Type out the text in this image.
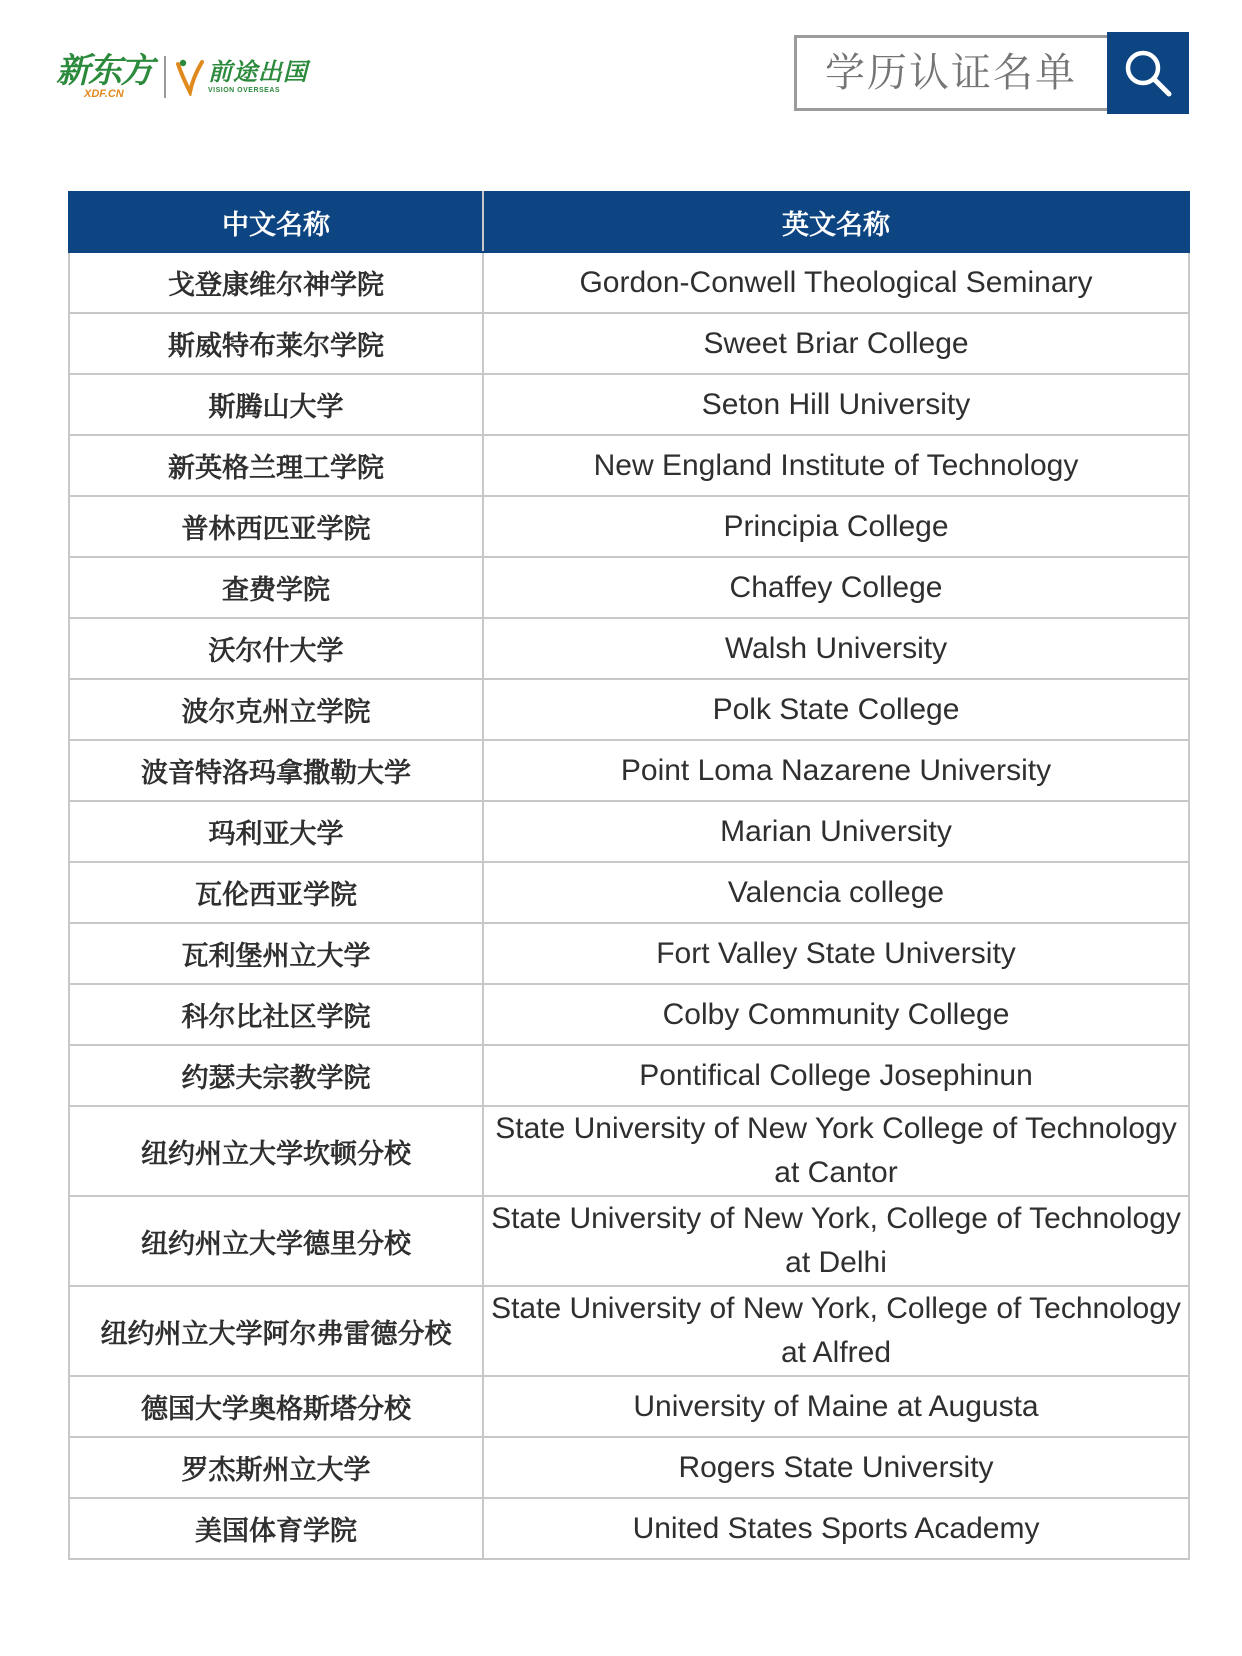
新东方
XDF.CN
前途出国
VISION OVERSEAS
学历认证名单
中文名称	英文名称
戈登康维尔神学院	Gordon-Conwell Theological Seminary
斯威特布莱尔学院	Sweet Briar College
斯腾山大学	Seton Hill University
新英格兰理工学院	New England Institute of Technology
普林西匹亚学院	Principia College
查费学院	Chaffey College
沃尔什大学	Walsh University
波尔克州立学院	Polk State College
波音特洛玛拿撒勒大学	Point Loma Nazarene University
玛利亚大学	Marian University
瓦伦西亚学院	Valencia college
瓦利堡州立大学	Fort Valley State University
科尔比社区学院	Colby Community College
约瑟夫宗教学院	Pontifical College Josephinun
纽约州立大学坎顿分校	State University of New York College of Technology at Cantor
纽约州立大学德里分校	State University of New York, College of Technology at Delhi
纽约州立大学阿尔弗雷德分校	State University of New York, College of Technology at Alfred
德国大学奥格斯塔分校	University of Maine at Augusta
罗杰斯州立大学	Rogers State University
美国体育学院	United States Sports Academy
